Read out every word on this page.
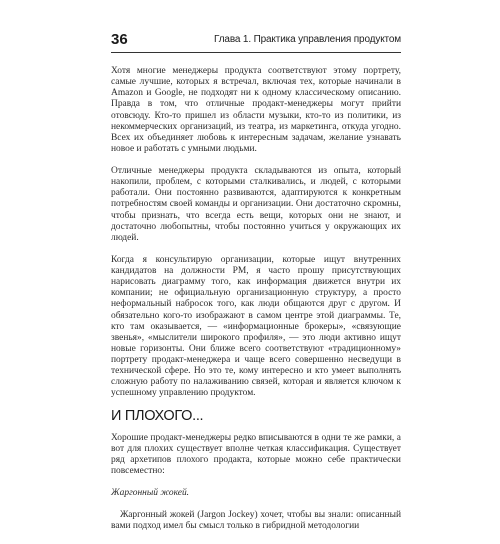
36	Глава 1. Практика управления продуктом

Хотя многие менеджеры продукта соответствуют этому портрету, самые лучшие, которых я встречал, включая тех, которые начинали в Amazon и Google, не подходят ни к одному классическому описанию. Правда в том, что отличные продакт-менеджеры могут прийти отовсюду. Кто-то пришел из области музыки, кто-то из политики, из некоммерческих организаций, из театра, из маркетинга, откуда угодно. Всех их объединяет любовь к интересным задачам, желание узнавать новое и работать с умными людьми.

Отличные менеджеры продукта складываются из опыта, который накопили, проблем, с которыми сталкивались, и людей, с которыми работали. Они постоянно развиваются, адаптируются к конкретным потребностям своей команды и организации. Они достаточно скромны, чтобы признать, что всегда есть вещи, которых они не знают, и достаточно любопытны, чтобы постоянно учиться у окружающих их людей.

Когда я консультирую организации, которые ищут внутренних кандидатов на должности PM, я часто прошу присутствующих нарисовать диаграмму того, как информация движется внутри их компании; не официальную организационную структуру, а просто неформальный набросок того, как люди общаются друг с другом. И обязательно кого-то изображают в самом центре этой диаграммы. Те, кто там оказывается, — «информационные брокеры», «связующие звенья», «мыслители широкого профиля», — это люди активно ищут новые горизонты. Они ближе всего соответствуют «традиционному» портрету продакт-менеджера и чаще всего совершенно несведущи в технической сфере. Но это те, кому интересно и кто умеет выполнять сложную работу по налаживанию связей, которая и является ключом к успешному управлению продуктом.

И ПЛОХОГО...

Хорошие продакт-менеджеры редко вписываются в одни те же рамки, а вот для плохих существует вполне четкая классификация. Существует ряд архетипов плохого продакта, которые можно себе практически повсеместно:

Жаргонный жокей.

Жаргонный жокей (Jargon Jockey) хочет, чтобы вы знали: описанный вами подход имел бы смысл только в гибридной методологии
